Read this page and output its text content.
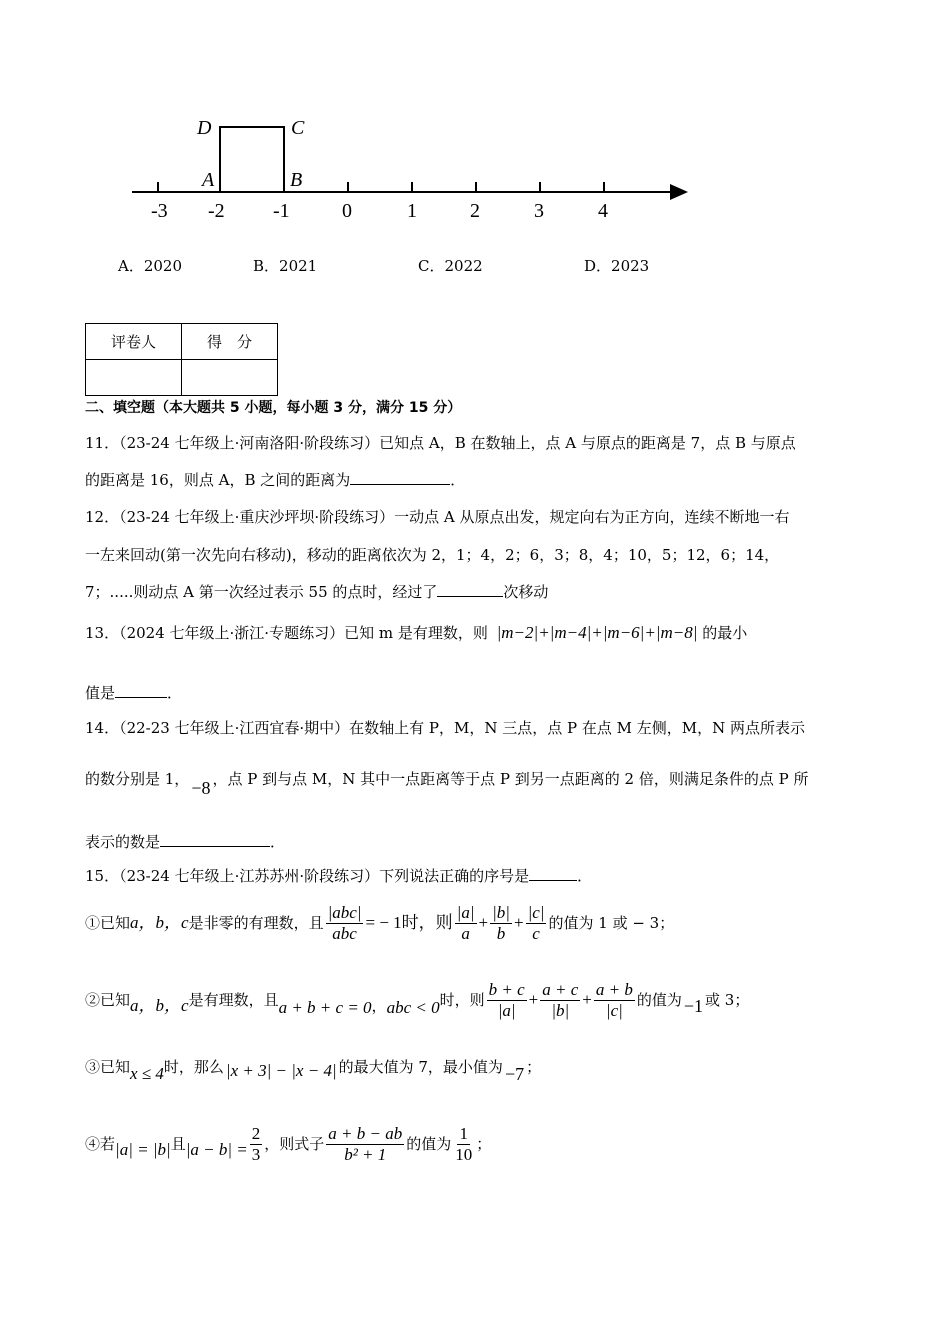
-3 -2 -1	0	1	2	3	4
D	C
A	B
A．2020	B．2021	C．2022	D．2023
评卷人	得　分

二、填空题（本大题共 5 小题，每小题 3 分，满分 15 分）
11．（23-24 七年级上·河南洛阳·阶段练习）已知点 A，B 在数轴上，点 A 与原点的距离是 7，点 B 与原点
的距离是 16，则点 A，B 之间的距离为	．
12．（23-24 七年级上·重庆沙坪坝·阶段练习）一动点 A 从原点出发，规定向右为正方向，连续不断地一右
一左来回动(第一次先向右移动)，移动的距离依次为 2，1；4，2；6，3；8，4；10，5；12，6；14，
7；.....则动点 A 第一次经过表示 55 的点时，经过了	次移动
13．（2024 七年级上·浙江·专题练习）已知 m 是有理数，则 |m−2|+|m−4|+|m−6|+|m−8| 的最小
值是	．
14．（22-23 七年级上·江西宜春·期中）在数轴上有 P，M，N 三点，点 P 在点 M 左侧，M，N 两点所表示
的数分别是 1， −8 ，点 P 到与点 M，N 其中一点距离等于点 P 到另一点距离的 2 倍，则满足条件的点 P 所
表示的数是	．
15．（23-24 七年级上·江苏苏州·阶段练习）下列说法正确的序号是	．
①已知 a，b，c 是非零的有理数，且 $\frac{\text{|abc|}}{\text{abc}}$ = − 1时，则 $\frac{|a|}{a} + \frac{|b|}{b} + \frac{|c|}{c}$ 的值为 1 或 − 3；
②已知 a，b，c 是有理数，且 a + b + c = 0 ， abc < 0 时，则 $\frac{b + c}{|a|} + \frac{a + c}{|b|} + \frac{a + b}{|c|}$ 的值为 −1 或 3；
③已知 x ≤ 4 时，那么 |x + 3| − |x − 4| 的最大值为 7，最小值为 −7 ；
④若 |a| = |b| 且 $|a - b| = \frac{2}{3}$ ，则式子 $\frac{a + b - ab}{\text{b² + 1}}$ 的值为 $\frac{1}{10}$ ；
